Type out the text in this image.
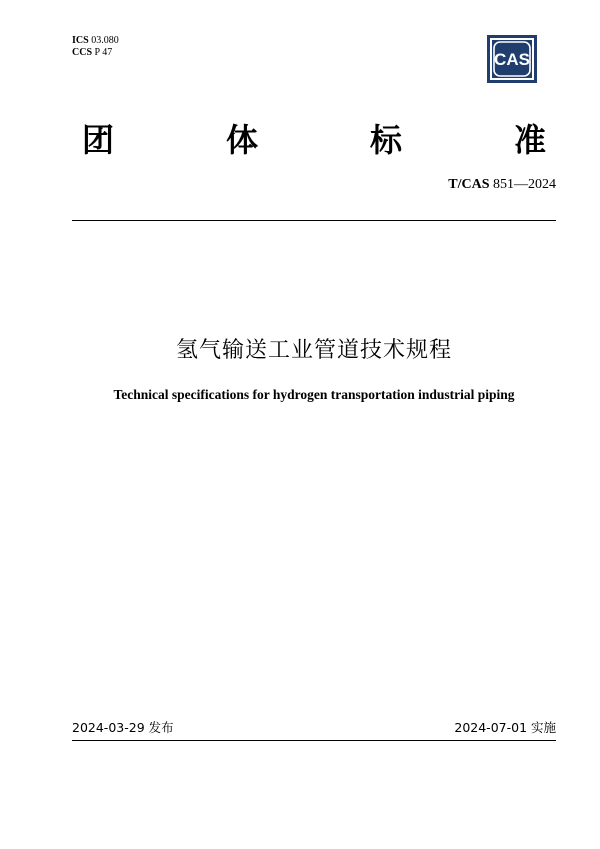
ICS 03.080
CCS P 47	CAS
团	体	标	准
T/CAS 851—2024
氢气输送工业管道技术规程
Technical specifications for hydrogen transportation industrial piping
2024-03-29 发布	2024-07-01 实施
